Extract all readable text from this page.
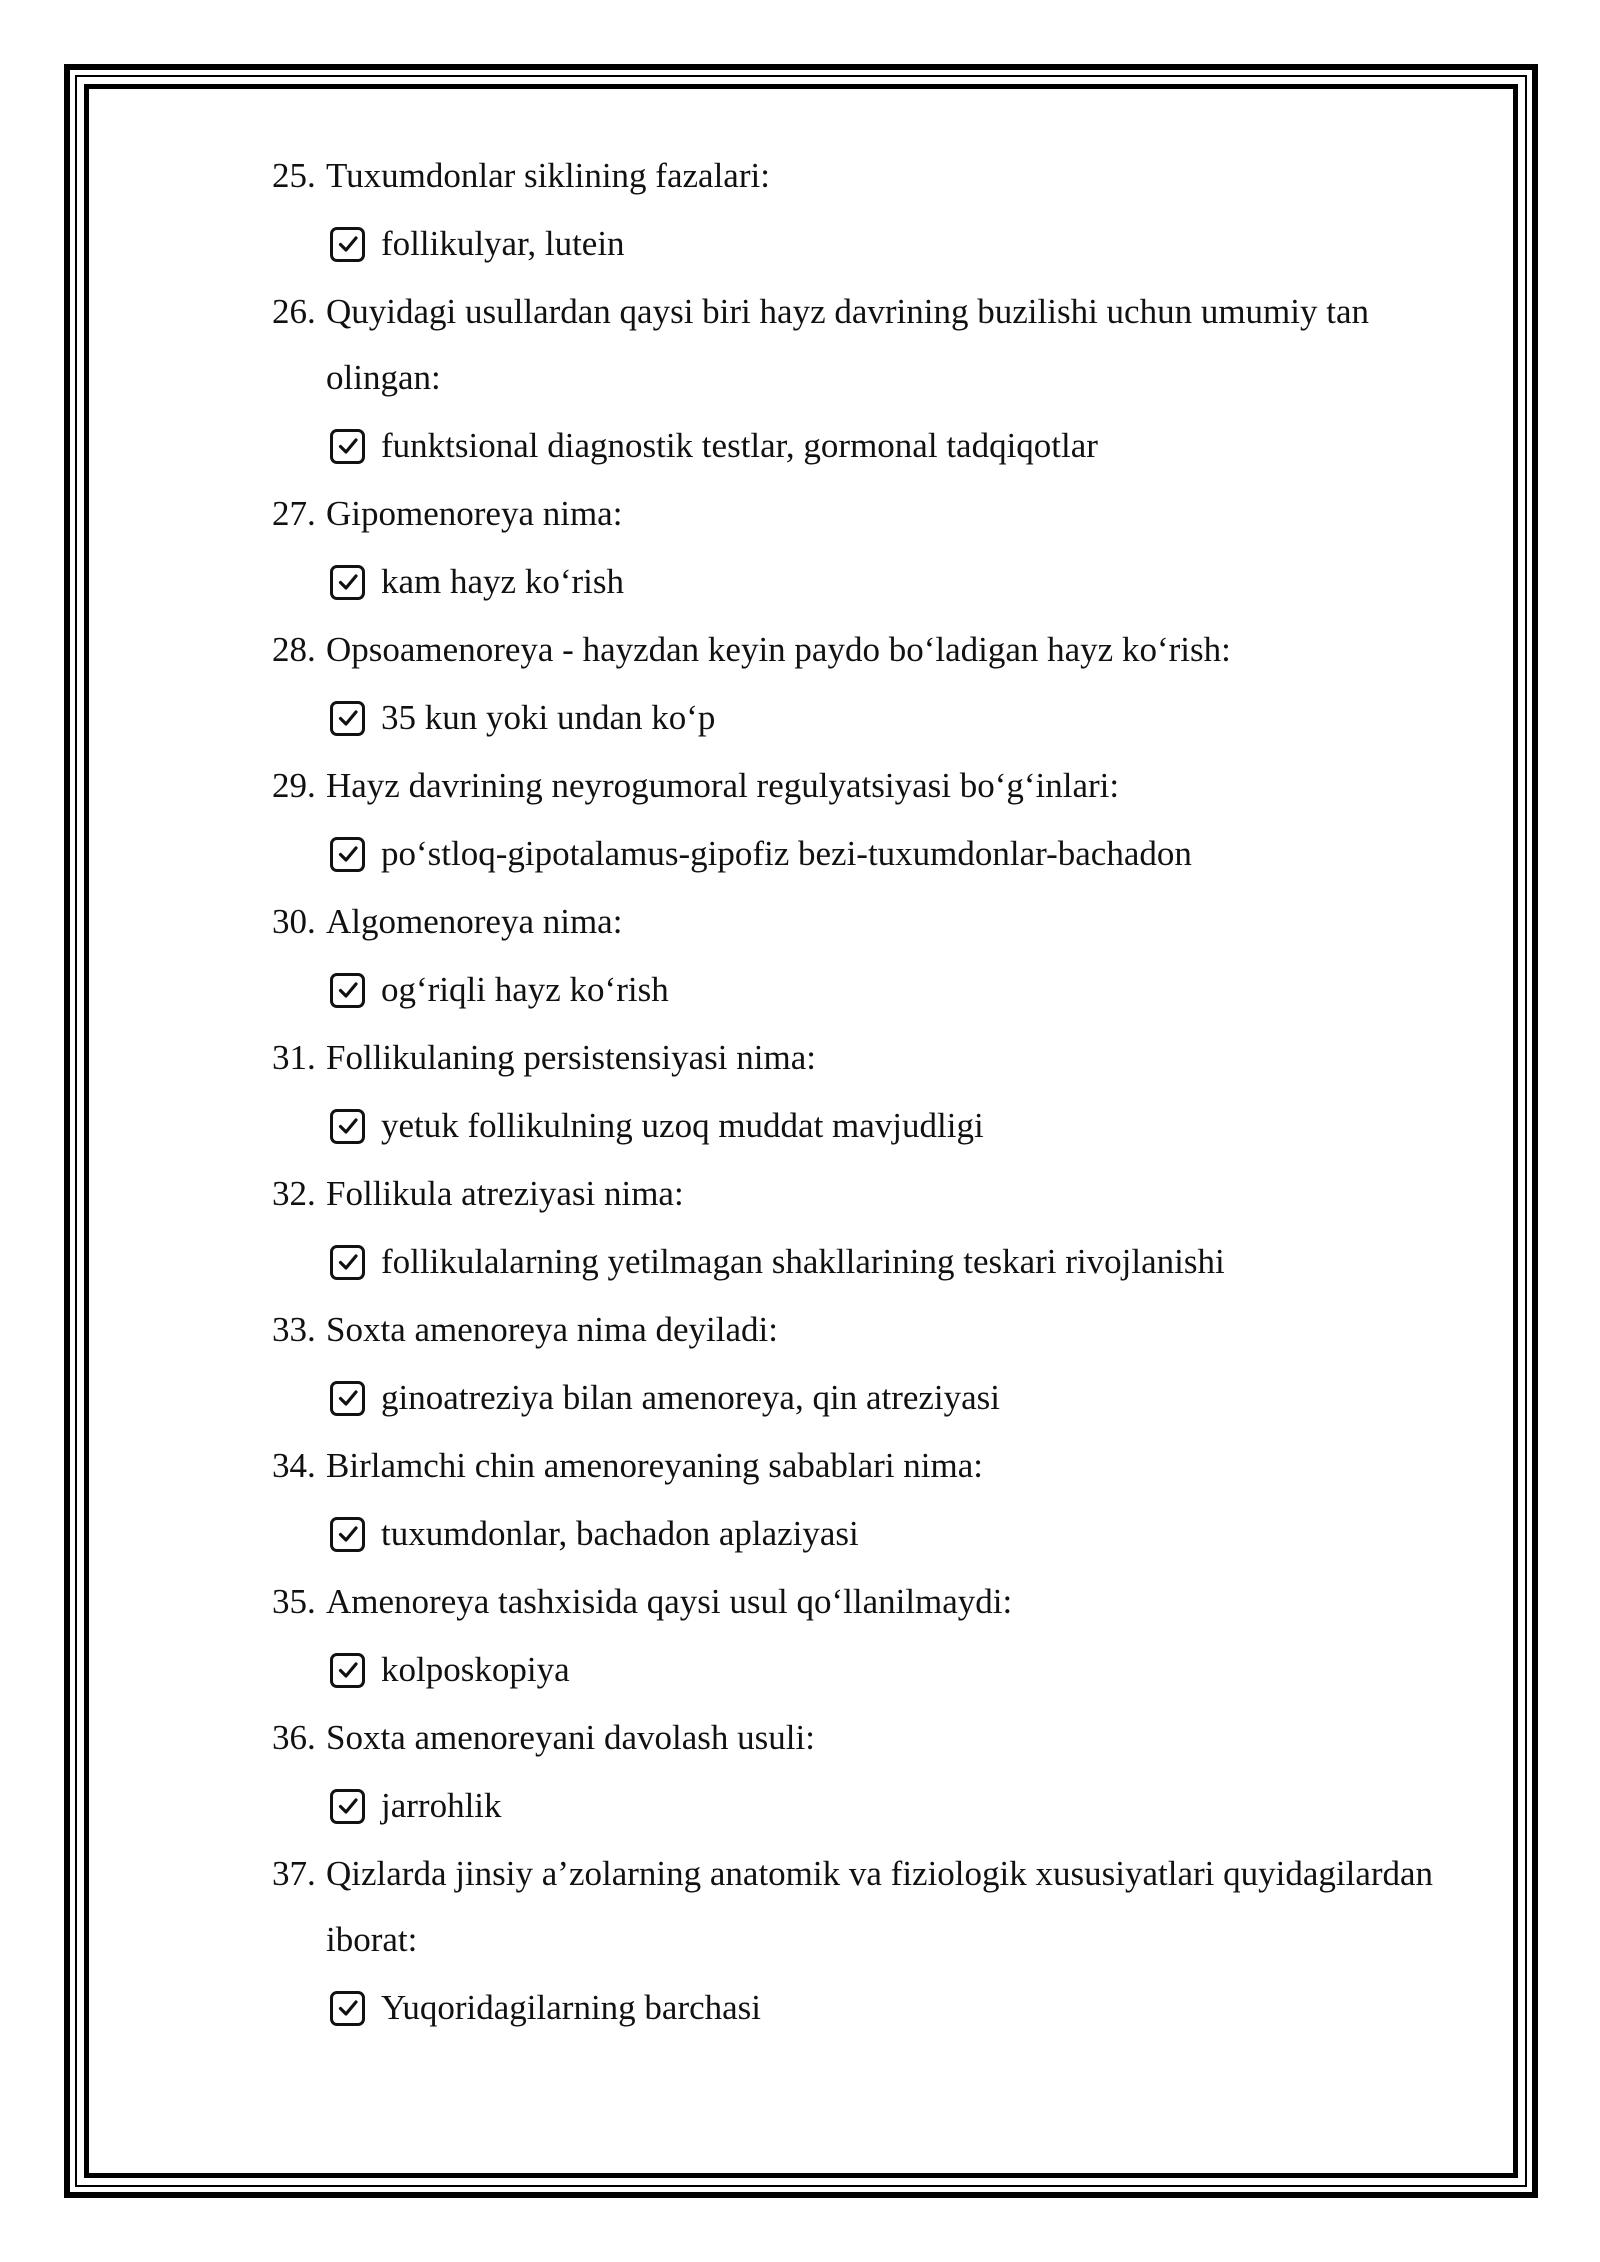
25. Tuxumdonlar siklining fazalari:
follikulyar, lutein
26. Quyidagi usullardan qaysi biri hayz davrining buzilishi uchun umumiy tan olingan:
funktsional diagnostik testlar, gormonal tadqiqotlar
27. Gipomenoreya nima:
kam hayz ko‘rish
28. Opsoamenoreya - hayzdan keyin paydo bo‘ladigan hayz ko‘rish:
35 kun yoki undan ko‘p
29. Hayz davrining neyrogumoral regulyatsiyasi bo‘g‘inlari:
po‘stloq-gipotalamus-gipofiz bezi-tuxumdonlar-bachadon
30. Algomenoreya nima:
og‘riqli hayz ko‘rish
31. Follikulaning persistensiyasi nima:
yetuk follikulning uzoq muddat mavjudligi
32. Follikula atreziyasi nima:
follikulalarning yetilmagan shakllarining teskari rivojlanishi
33. Soxta amenoreya nima deyiladi:
ginoatreziya bilan amenoreya, qin atreziyasi
34. Birlamchi chin amenoreyaning sabablari nima:
tuxumdonlar, bachadon aplaziyasi
35. Amenoreya tashxisida qaysi usul qo‘llanilmaydi:
kolposkopiya
36. Soxta amenoreyani davolash usuli:
jarrohlik
37. Qizlarda jinsiy a’zolarning anatomik va fiziologik xususiyatlari quyidagilardan iborat:
Yuqoridagilarning barchasi
